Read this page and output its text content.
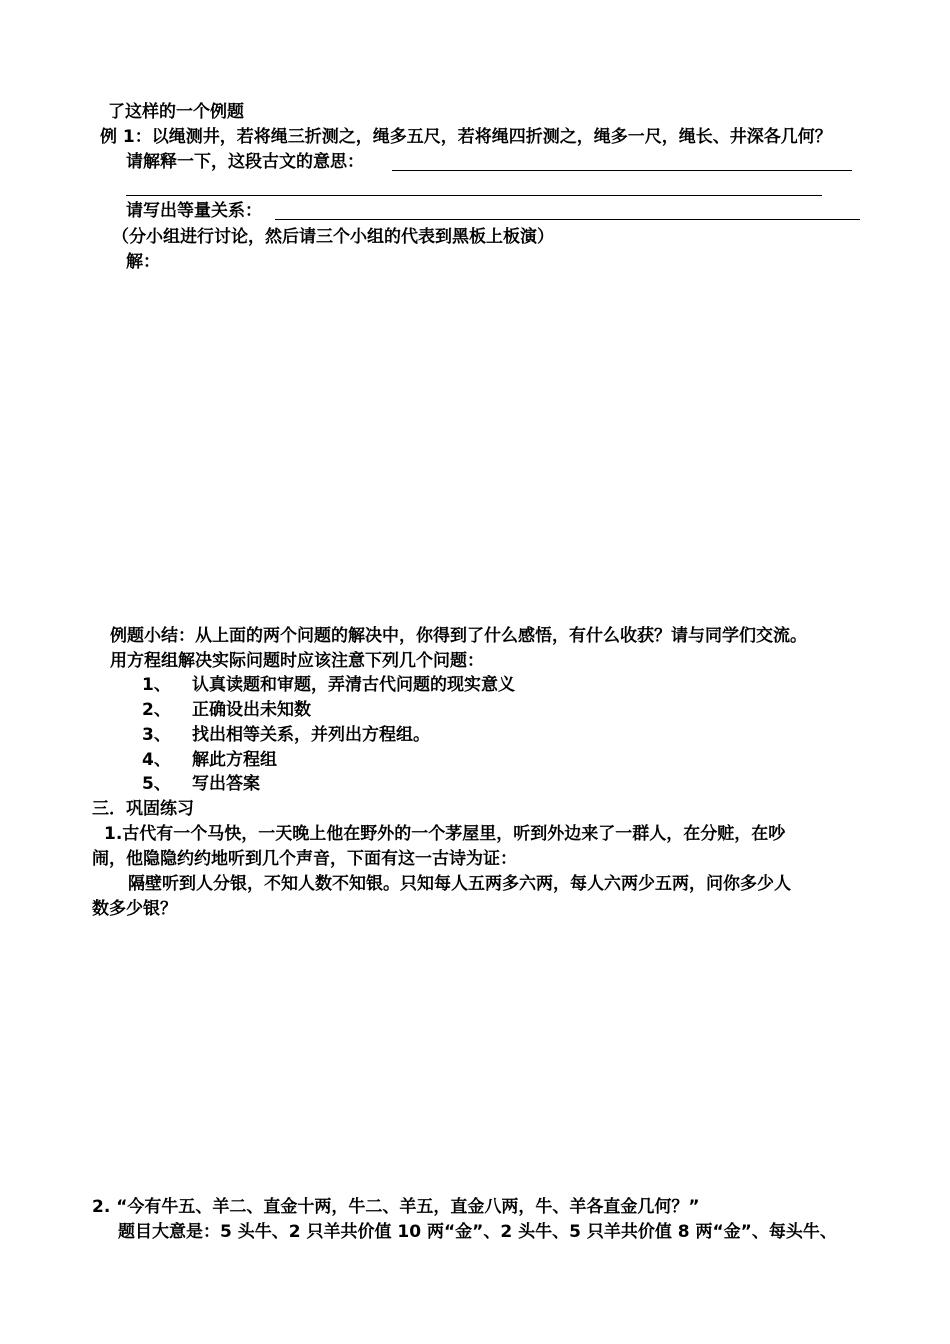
了这样的一个例题
例 1：以绳测井，若将绳三折测之，绳多五尺，若将绳四折测之，绳多一尺，绳长、井深各几何？
请解释一下，这段古文的意思：
请写出等量关系：
（分小组进行讨论，然后请三个小组的代表到黑板上板演）
解：
例题小结：从上面的两个问题的解决中，你得到了什么感悟，有什么收获？请与同学们交流。
用方程组解决实际问题时应该注意下列几个问题：
1、 认真读题和审题，弄清古代问题的现实意义
2、 正确设出未知数
3、 找出相等关系，并列出方程组。
4、 解此方程组
5、 写出答案
三．巩固练习
1.古代有一个马快，一天晚上他在野外的一个茅屋里，听到外边来了一群人，在分赃，在吵
闹，他隐隐约约地听到几个声音，下面有这一古诗为证：
隔壁听到人分银，不知人数不知银。只知每人五两多六两，每人六两少五两，问你多少人
数多少银？
2. “今有牛五、羊二、直金十两，牛二、羊五，直金八两，牛、羊各直金几何？”
题目大意是：5 头牛、2 只羊共价值 10 两“金”、2 头牛、5 只羊共价值 8 两“金”、每头牛、
